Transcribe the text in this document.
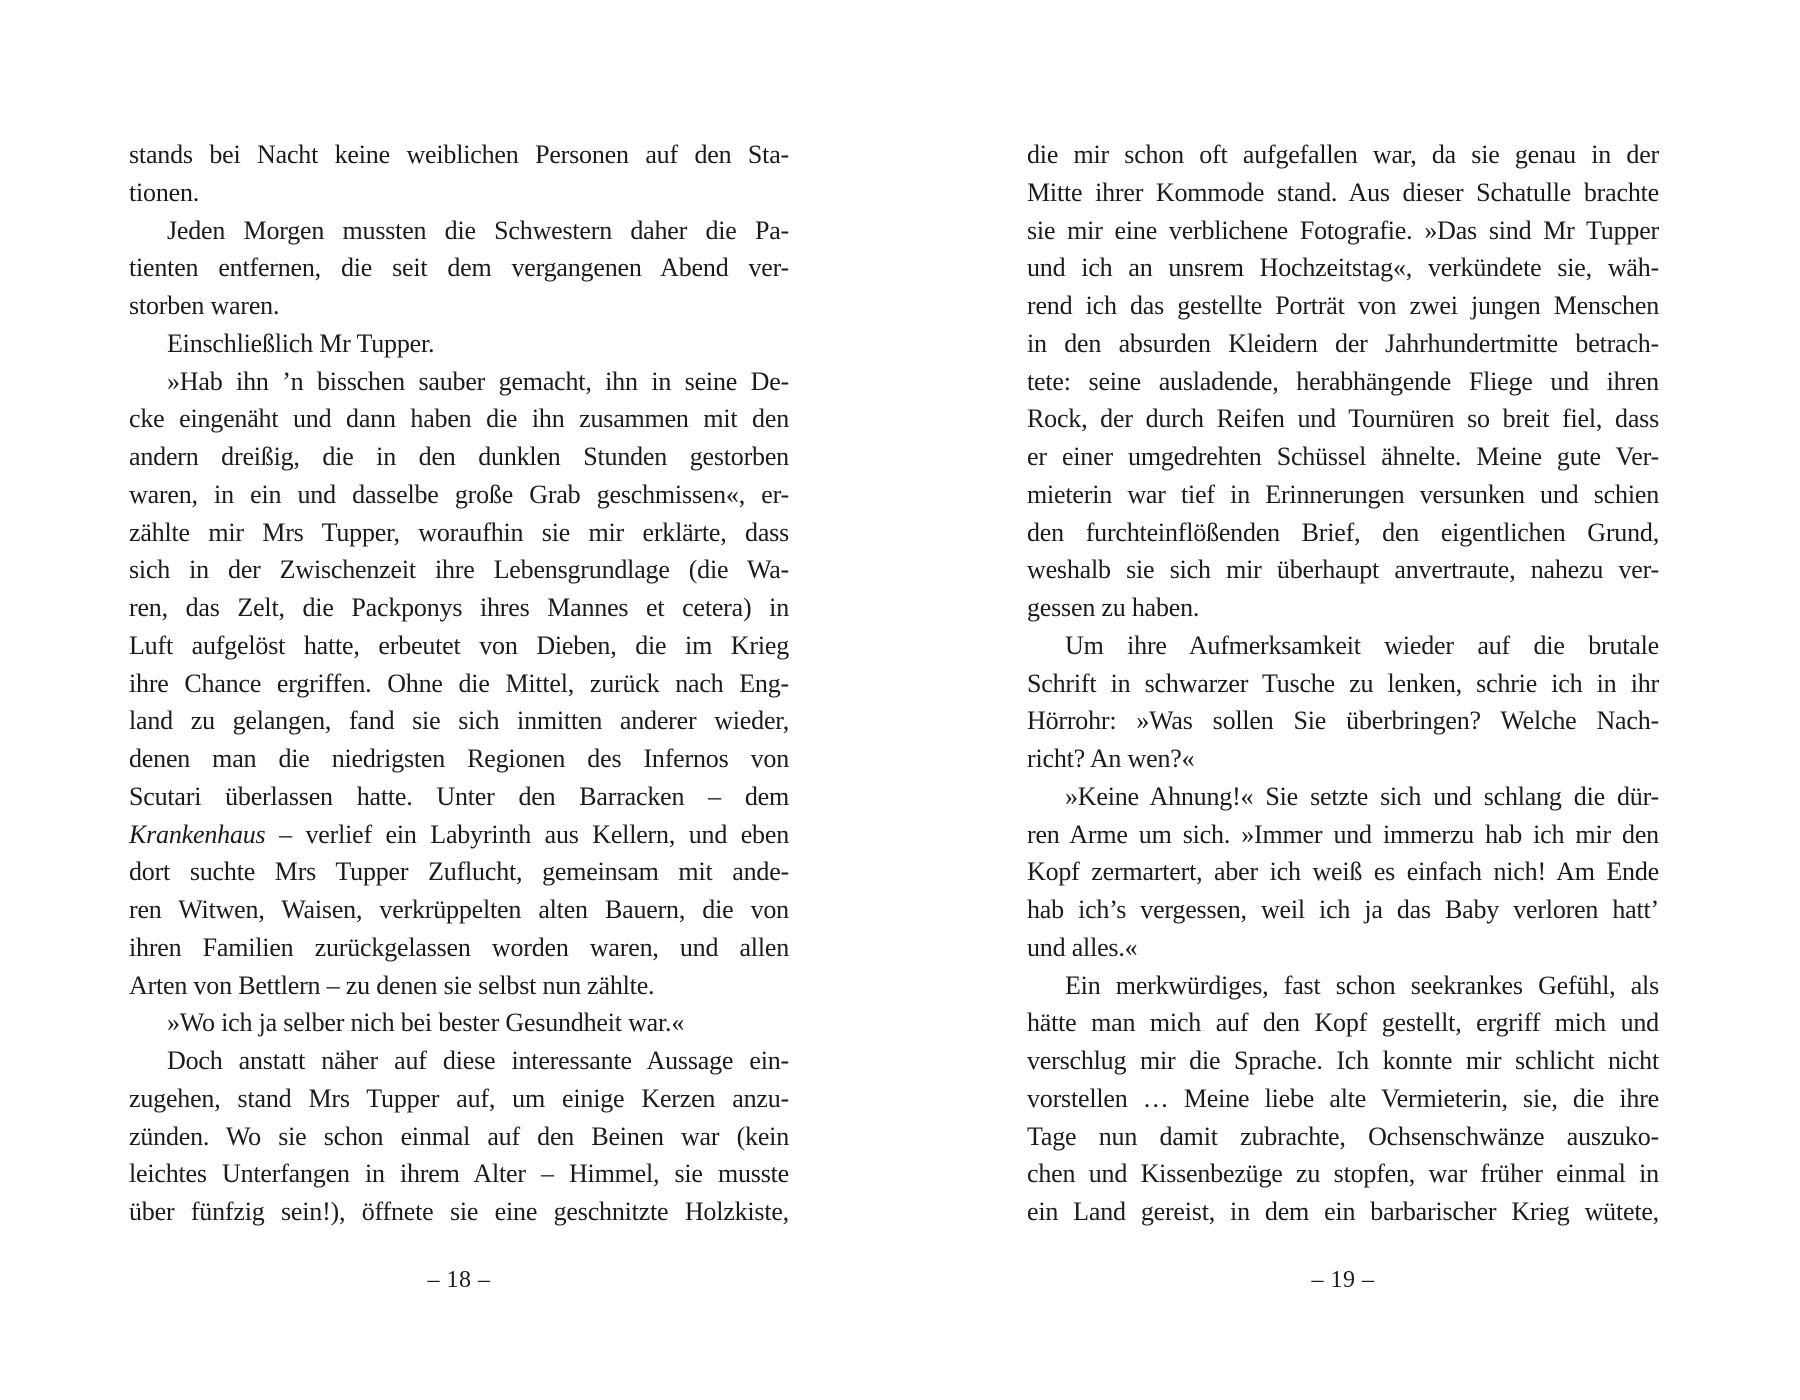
stands bei Nacht keine weiblichen Personen auf den Sta-
tionen.
Jeden Morgen mussten die Schwestern daher die Pa-
tienten entfernen, die seit dem vergangenen Abend ver-
storben waren.
Einschließlich Mr Tupper.
»Hab ihn ’n bisschen sauber gemacht, ihn in seine De-
cke eingenäht und dann haben die ihn zusammen mit den
andern dreißig, die in den dunklen Stunden gestorben
waren, in ein und dasselbe große Grab geschmissen«, er-
zählte mir Mrs Tupper, woraufhin sie mir erklärte, dass
sich in der Zwischenzeit ihre Lebensgrundlage (die Wa-
ren, das Zelt, die Packponys ihres Mannes et cetera) in
Luft aufgelöst hatte, erbeutet von Dieben, die im Krieg
ihre Chance ergriffen. Ohne die Mittel, zurück nach Eng-
land zu gelangen, fand sie sich inmitten anderer wieder,
denen man die niedrigsten Regionen des Infernos von
Scutari überlassen hatte. Unter den Barracken – dem
Krankenhaus – verlief ein Labyrinth aus Kellern, und eben
dort suchte Mrs Tupper Zuflucht, gemeinsam mit ande-
ren Witwen, Waisen, verkrüppelten alten Bauern, die von
ihren Familien zurückgelassen worden waren, und allen
Arten von Bettlern – zu denen sie selbst nun zählte.
»Wo ich ja selber nich bei bester Gesundheit war.«
Doch anstatt näher auf diese interessante Aussage ein-
zugehen, stand Mrs Tupper auf, um einige Kerzen anzu-
zünden. Wo sie schon einmal auf den Beinen war (kein
leichtes Unterfangen in ihrem Alter – Himmel, sie musste
über fünfzig sein!), öffnete sie eine geschnitzte Holzkiste,
die mir schon oft aufgefallen war, da sie genau in der
Mitte ihrer Kommode stand. Aus dieser Schatulle brachte
sie mir eine verblichene Fotografie. »Das sind Mr Tupper
und ich an unsrem Hochzeitstag«, verkündete sie, wäh-
rend ich das gestellte Porträt von zwei jungen Menschen
in den absurden Kleidern der Jahrhundertmitte betrach-
tete: seine ausladende, herabhängende Fliege und ihren
Rock, der durch Reifen und Tournüren so breit fiel, dass
er einer umgedrehten Schüssel ähnelte. Meine gute Ver-
mieterin war tief in Erinnerungen versunken und schien
den furchteinflößenden Brief, den eigentlichen Grund,
weshalb sie sich mir überhaupt anvertraute, nahezu ver-
gessen zu haben.
Um ihre Aufmerksamkeit wieder auf die brutale
Schrift in schwarzer Tusche zu lenken, schrie ich in ihr
Hörrohr: »Was sollen Sie überbringen? Welche Nach-
richt? An wen?«
»Keine Ahnung!« Sie setzte sich und schlang die dür-
ren Arme um sich. »Immer und immerzu hab ich mir den
Kopf zermartert, aber ich weiß es einfach nich! Am Ende
hab ich’s vergessen, weil ich ja das Baby verloren hatt’
und alles.«
Ein merkwürdiges, fast schon seekrankes Gefühl, als
hätte man mich auf den Kopf gestellt, ergriff mich und
verschlug mir die Sprache. Ich konnte mir schlicht nicht
vorstellen … Meine liebe alte Vermieterin, sie, die ihre
Tage nun damit zubrachte, Ochsenschwänze auszuko-
chen und Kissenbezüge zu stopfen, war früher einmal in
ein Land gereist, in dem ein barbarischer Krieg wütete,
– 18 –	– 19 –
